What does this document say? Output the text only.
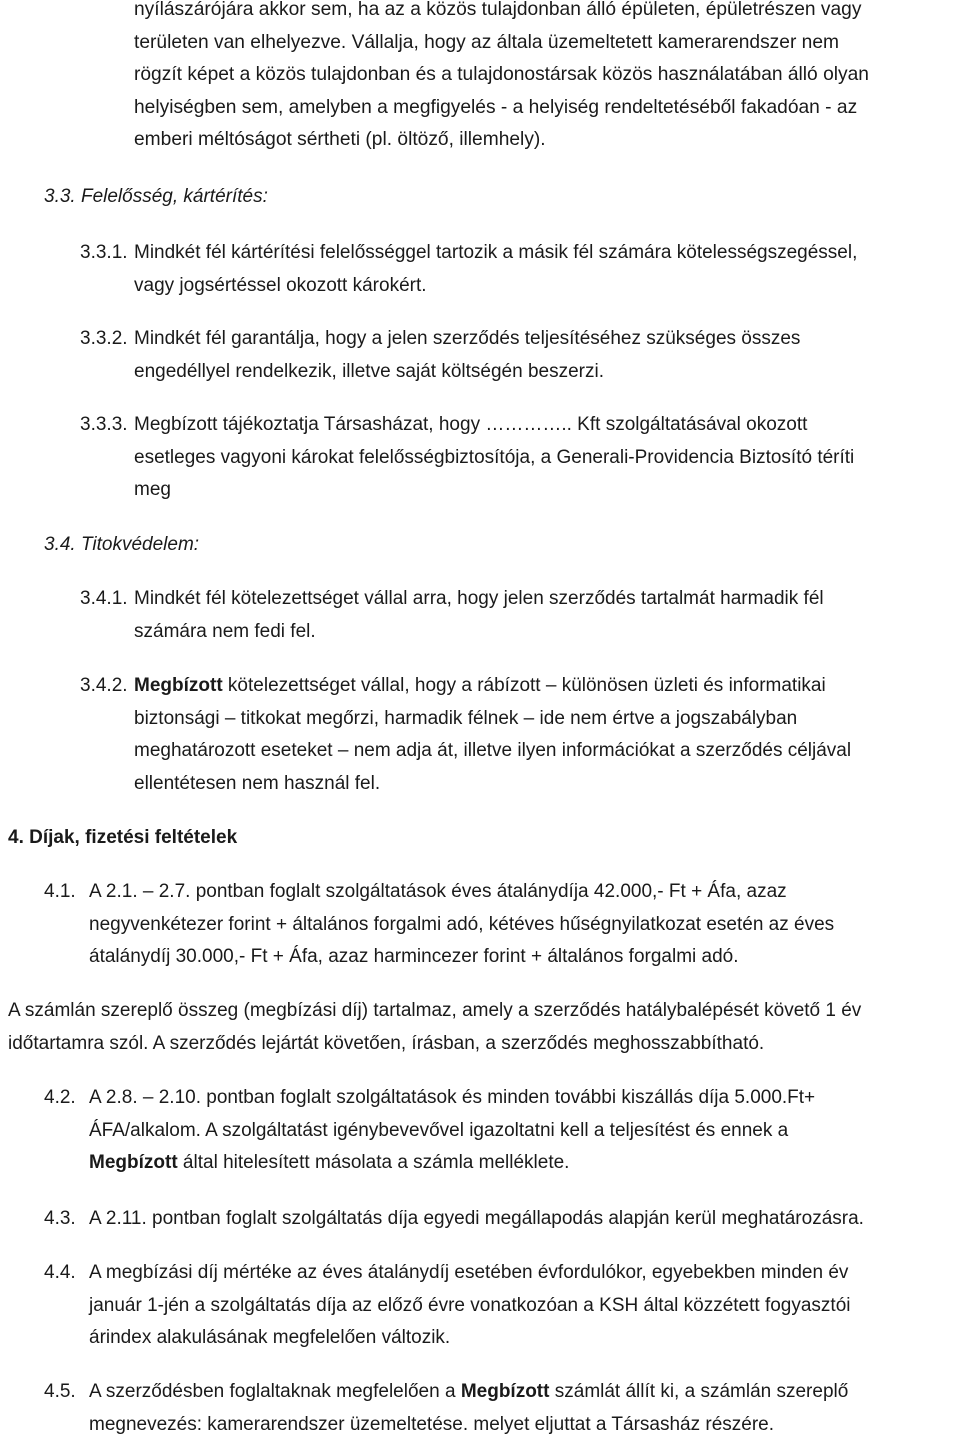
nyílászárójára akkor sem, ha az a közös tulajdonban álló épületen, épületrészen vagy
területen van elhelyezve. Vállalja, hogy az általa üzemeltetett kamerarendszer nem
rögzít képet a közös tulajdonban és a tulajdonostársak közös használatában álló olyan
helyiségben sem, amelyben a megfigyelés - a helyiség rendeltetéséből fakadóan - az
emberi méltóságot sértheti (pl. öltöző, illemhely).
3.3. Felelősség, kártérítés:
3.3.1. Mindkét fél kártérítési felelősséggel tartozik a másik fél számára kötelességszegéssel,
vagy jogsértéssel okozott károkért.
3.3.2. Mindkét fél garantálja, hogy a jelen szerződés teljesítéséhez szükséges összes
engedéllyel rendelkezik, illetve saját költségén beszerzi.
3.3.3. Megbízott tájékoztatja Társasházat, hogy ………….. Kft szolgáltatásával okozott
esetleges vagyoni károkat felelősségbiztosítója, a Generali-Providencia Biztosító téríti
meg
3.4. Titokvédelem:
3.4.1. Mindkét fél kötelezettséget vállal arra, hogy jelen szerződés tartalmát harmadik fél
számára nem fedi fel.
3.4.2. Megbízott kötelezettséget vállal, hogy a rábízott – különösen üzleti és informatikai
biztonsági – titkokat megőrzi, harmadik félnek – ide nem értve a jogszabályban
meghatározott eseteket – nem adja át, illetve ilyen információkat a szerződés céljával
ellentétesen nem használ fel.
4. Díjak, fizetési feltételek
4.1. A 2.1. – 2.7. pontban foglalt szolgáltatások éves átalánydíja 42.000,- Ft + Áfa, azaz
negyvenkétezer forint + általános forgalmi adó, kétéves hűségnyilatkozat esetén az éves
átalánydíj 30.000,- Ft + Áfa, azaz harmincezer forint + általános forgalmi adó.
A számlán szereplő összeg (megbízási díj) tartalmaz, amely a szerződés hatálybalépését követő 1 év
időtartamra szól. A szerződés lejártát követően, írásban, a szerződés meghosszabbítható.
4.2. A 2.8. – 2.10. pontban foglalt szolgáltatások és minden további kiszállás díja 5.000.Ft+
ÁFA/alkalom. A szolgáltatást igénybevevővel igazoltatni kell a teljesítést és ennek a
Megbízott által hitelesített másolata a számla melléklete.
4.3. A 2.11. pontban foglalt szolgáltatás díja egyedi megállapodás alapján kerül meghatározásra.
4.4. A megbízási díj mértéke az éves átalánydíj esetében évfordulókor, egyebekben minden év
január 1-jén a szolgáltatás díja az előző évre vonatkozóan a KSH által közzétett fogyasztói
árindex alakulásának megfelelően változik.
4.5. A szerződésben foglaltaknak megfelelően a Megbízott számlát állít ki, a számlán szereplő
megnevezés: kamerarendszer üzemeltetése. melyet eljuttat a Társasház részére.
